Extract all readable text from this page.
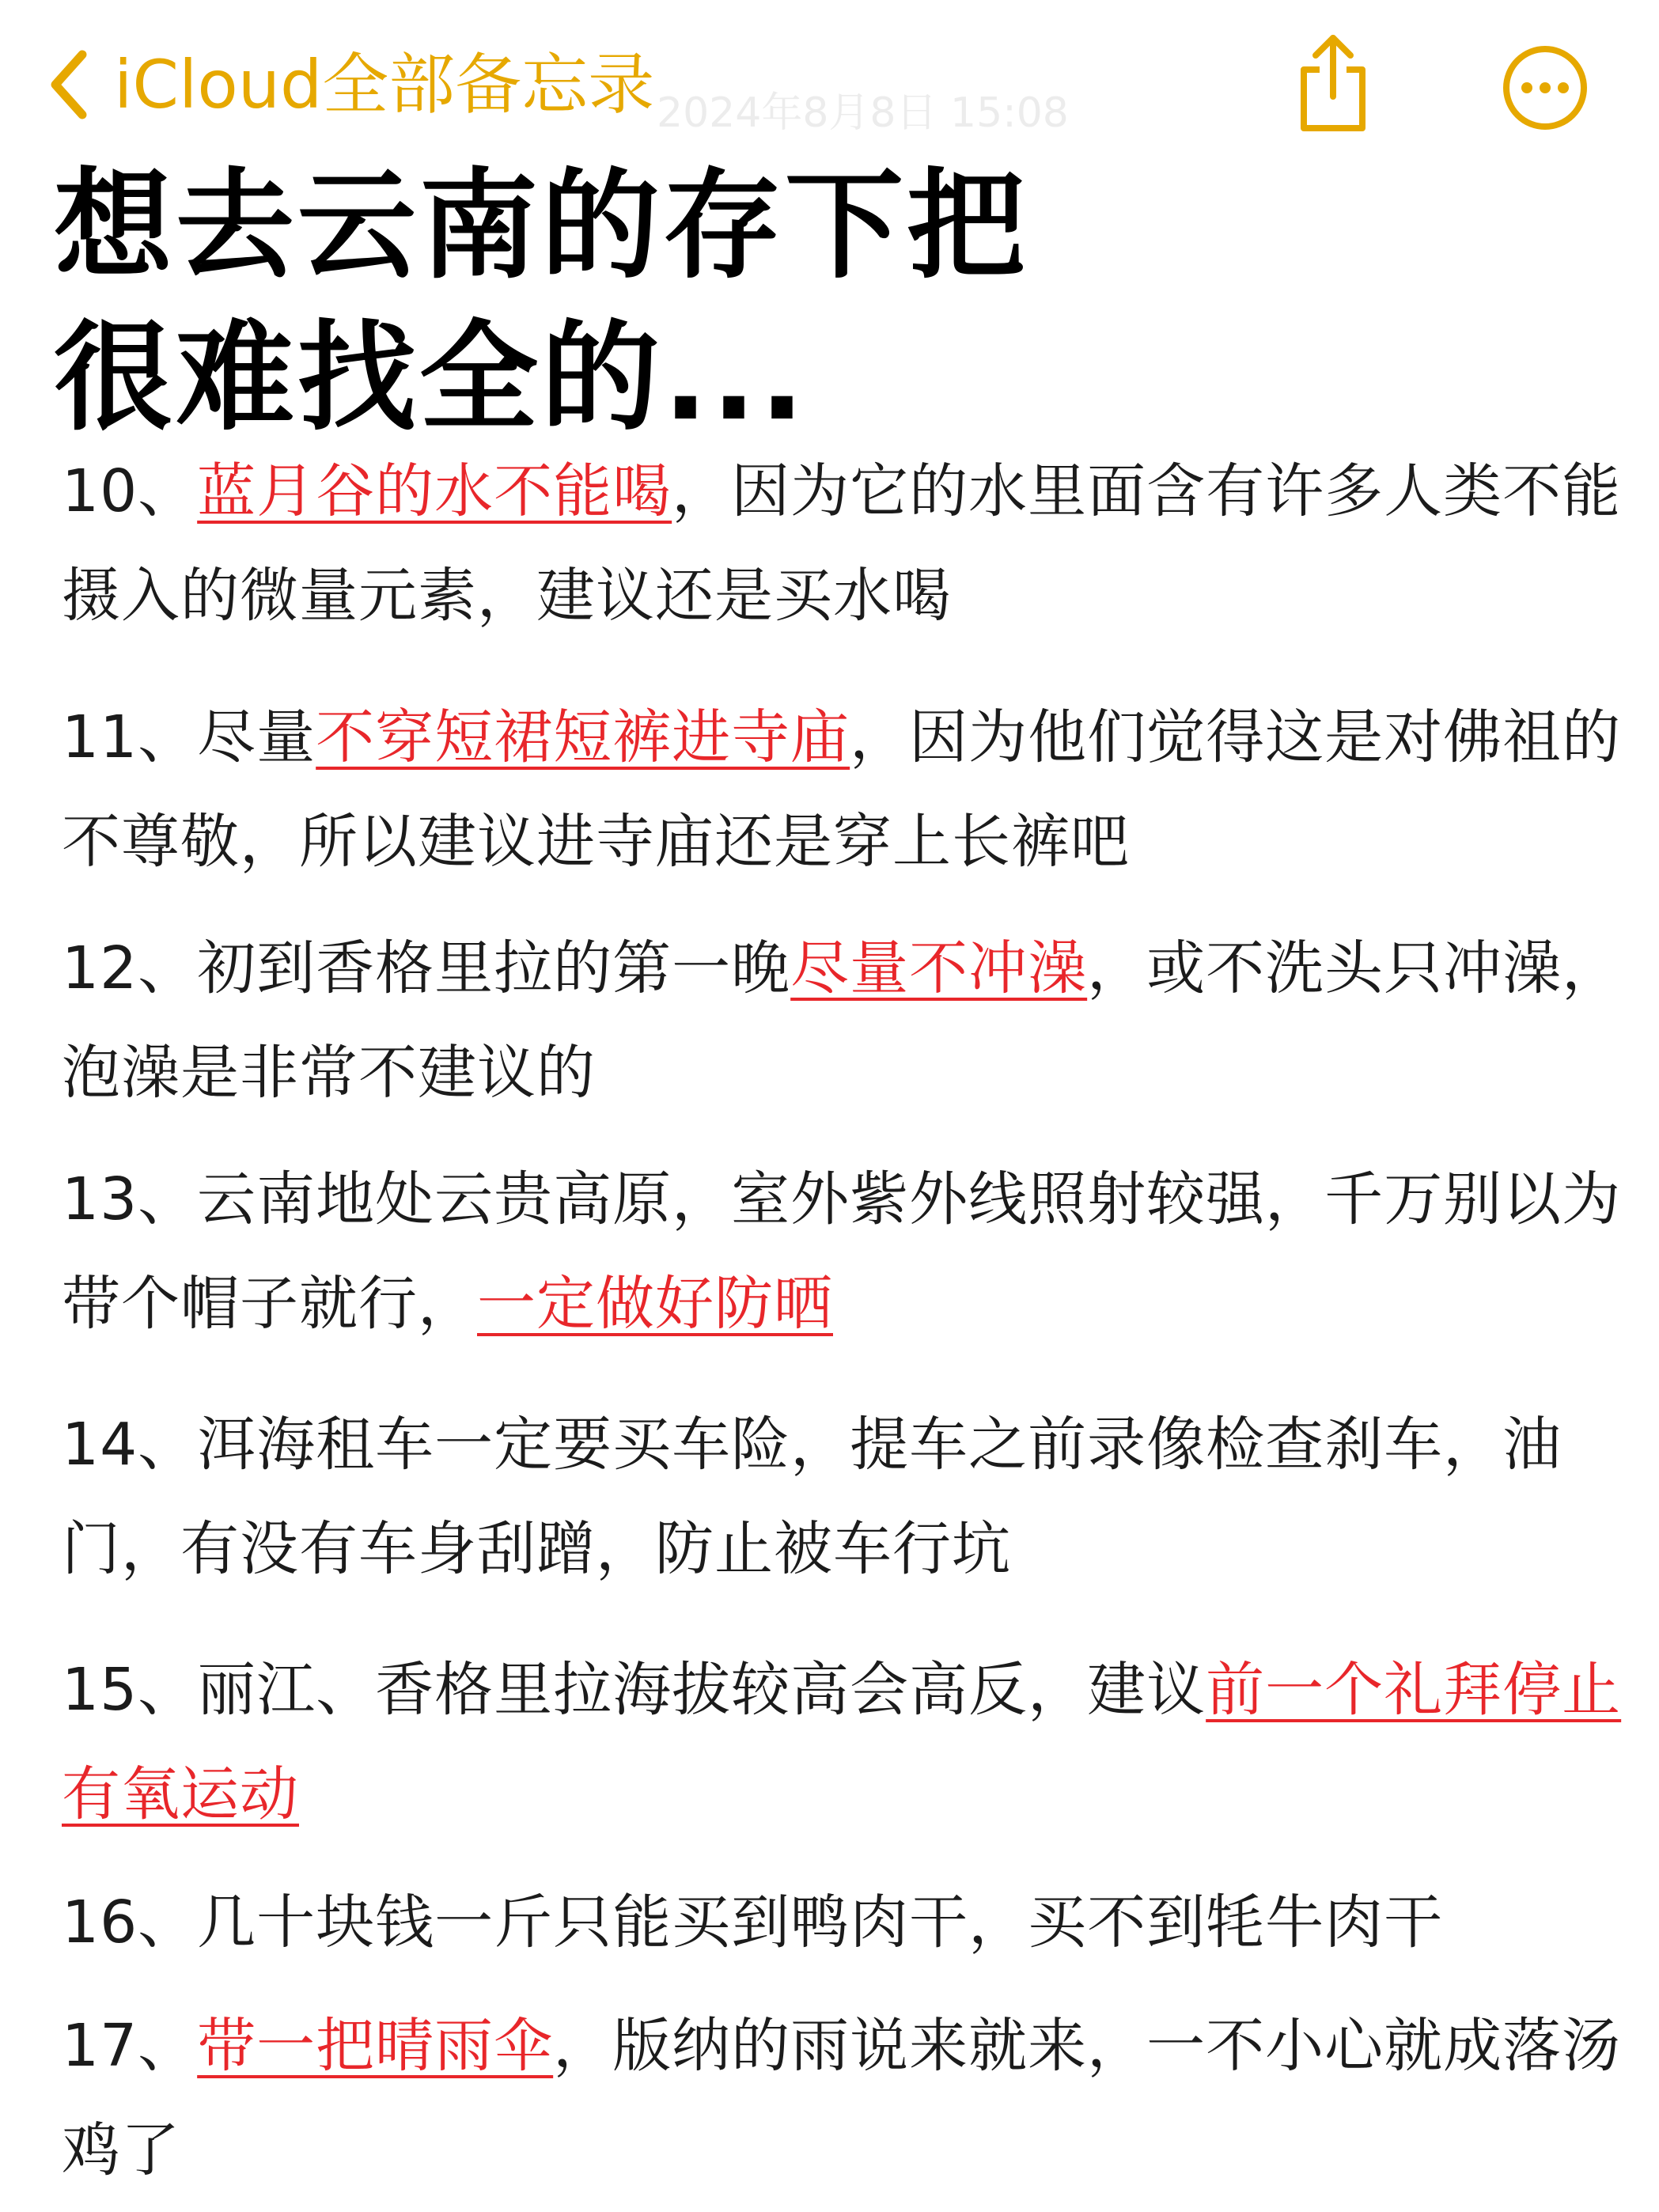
iCloud全部备忘录 2024年8月8日 15:08
想去云南的存下把
很难找全的...

10、蓝月谷的水不能喝，因为它的水里面含有许多人类不能摄入的微量元素，建议还是买水喝

11、尽量不穿短裙短裤进寺庙，因为他们觉得这是对佛祖的不尊敬，所以建议进寺庙还是穿上长裤吧

12、初到香格里拉的第一晚尽量不冲澡，或不洗头只冲澡，泡澡是非常不建议的

13、云南地处云贵高原，室外紫外线照射较强，千万别以为带个帽子就行，一定做好防晒

14、洱海租车一定要买车险，提车之前录像检查刹车，油门，有没有车身刮蹭，防止被车行坑

15、丽江、香格里拉海拔较高会高反，建议前一个礼拜停止有氧运动

16、几十块钱一斤只能买到鸭肉干，买不到牦牛肉干

17、带一把晴雨伞，版纳的雨说来就来，一不小心就成落汤鸡了
